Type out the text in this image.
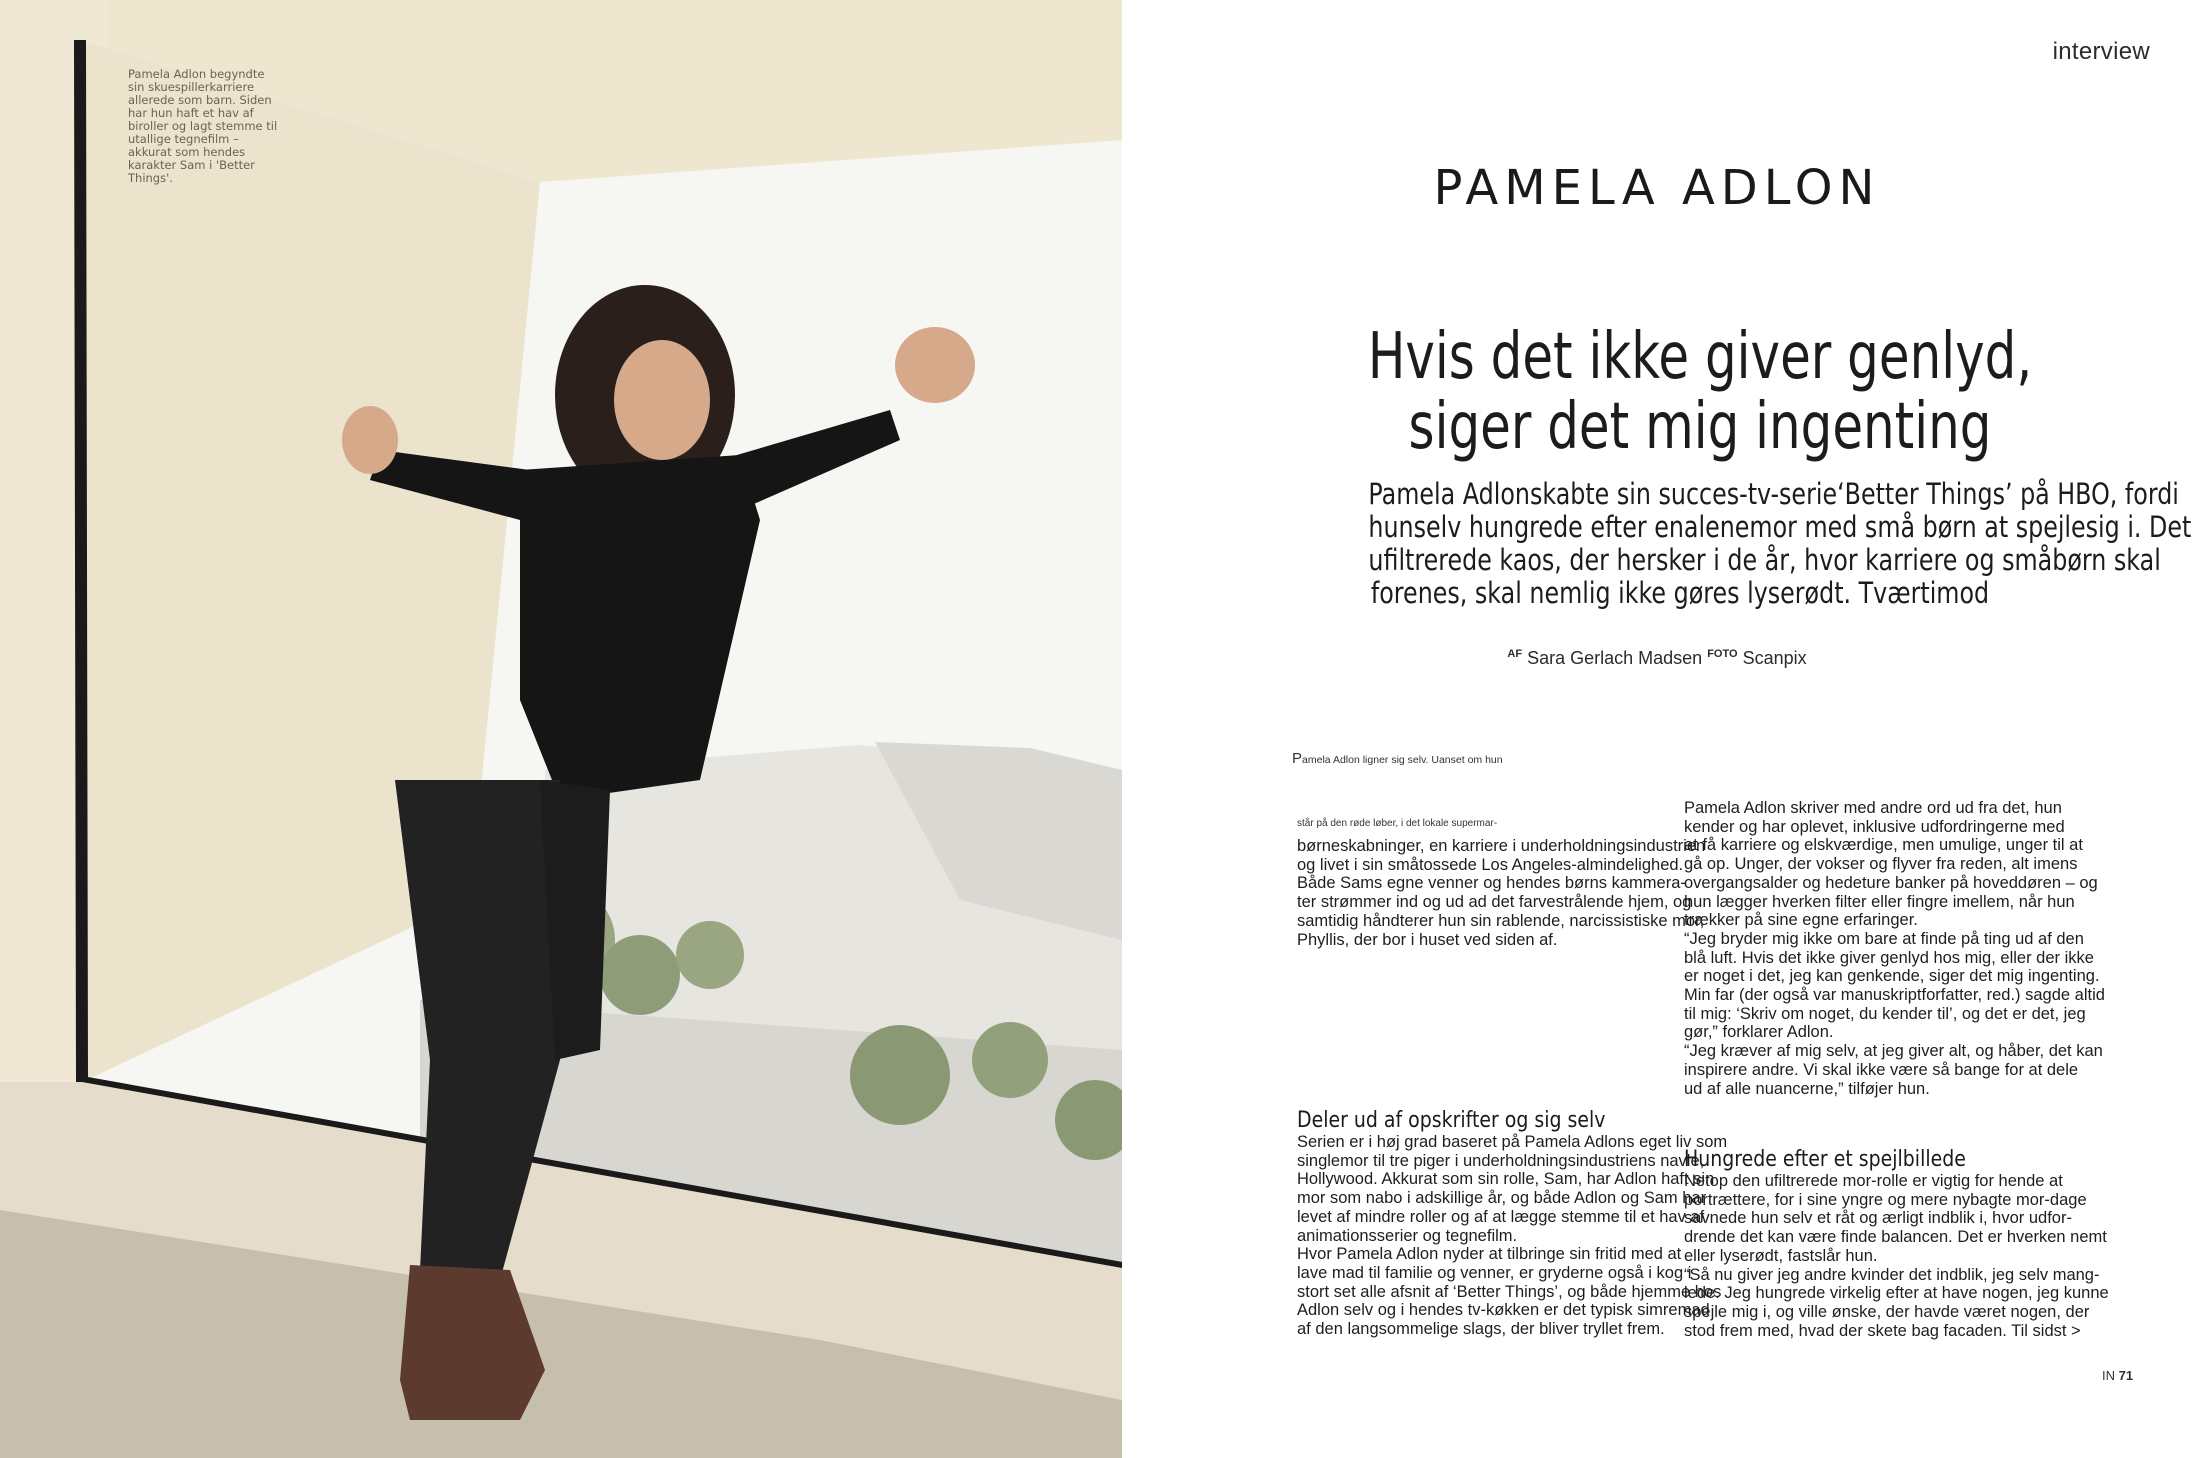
Pamela Adlon begyndte sin skuespillerkarriere allerede som barn. Siden har hun haft et hav af biroller og lagt stemme til utallige tegnefilm – akkurat som hendes karakter Sam i 'Better Things'.
interview
PAMELA ADLON
Hvis det ikke giver genlyd,
siger det mig ingenting
Pamela Adlonskabte sin succes-tv-serie‘Better Things’ på HBO, fordi
hunselv hungrede efter enalenemor med små børn at spejlesig i. Det
ufiltrerede kaos, der hersker i de år, hvor karriere og småbørn skal
forenes, skal nemlig ikke gøres lyserødt. Tværtimod
$^{AF}$ Sara Gerlach Madsen $^{FOTO}$ Scanpix
Pamela Adlon ligner sig selv. Uanset om hun
står på den røde løber, i det lokale supermar-
børneskabninger, en karriere i underholdningsindustrien
og livet i sin småtossede Los Angeles-almindelighed.
Både Sams egne venner og hendes børns kammera-
ter strømmer ind og ud ad det farvestrålende hjem, og
samtidig håndterer hun sin rablende, narcissistiske mor,
Phyllis, der bor i huset ved siden af.
Pamela Adlon skriver med andre ord ud fra det, hun
kender og har oplevet, inklusive udfordringerne med
at få karriere og elskværdige, men umulige, unger til at
gå op. Unger, der vokser og flyver fra reden, alt imens
overgangsalder og hedeture banker på hoveddøren – og
hun lægger hverken filter eller fingre imellem, når hun
trækker på sine egne erfaringer.
“Jeg bryder mig ikke om bare at finde på ting ud af den
blå luft. Hvis det ikke giver genlyd hos mig, eller der ikke
er noget i det, jeg kan genkende, siger det mig ingenting.
Min far (der også var manuskriptforfatter, red.) sagde altid
til mig: ‘Skriv om noget, du kender til’, og det er det, jeg
gør,” forklarer Adlon.
“Jeg kræver af mig selv, at jeg giver alt, og håber, det kan
inspirere andre. Vi skal ikke være så bange for at dele
ud af alle nuancerne,” tilføjer hun.
Deler ud af opskrifter og sig selv
Serien er i høj grad baseret på Pamela Adlons eget liv som
singlemor til tre piger i underholdningsindustriens navle,
Hollywood. Akkurat som sin rolle, Sam, har Adlon haft sin
mor som nabo i adskillige år, og både Adlon og Sam har
levet af mindre roller og af at lægge stemme til et hav af
animationsserier og tegnefilm.
Hvor Pamela Adlon nyder at tilbringe sin fritid med at
lave mad til familie og venner, er gryderne også i kog i
stort set alle afsnit af ‘Better Things’, og både hjemme hos
Adlon selv og i hendes tv-køkken er det typisk simremad
af den langsommelige slags, der bliver tryllet frem.
Hungrede efter et spejlbillede
Netop den ufiltrerede mor-rolle er vigtig for hende at
portrættere, for i sine yngre og mere nybagte mor-dage
savnede hun selv et råt og ærligt indblik i, hvor udfor-
drende det kan være finde balancen. Det er hverken nemt
eller lyserødt, fastslår hun.
“Så nu giver jeg andre kvinder det indblik, jeg selv mang-
lede. Jeg hungrede virkelig efter at have nogen, jeg kunne
spejle mig i, og ville ønske, der havde været nogen, der
stod frem med, hvad der skete bag facaden. Til sidst >
IN 71
